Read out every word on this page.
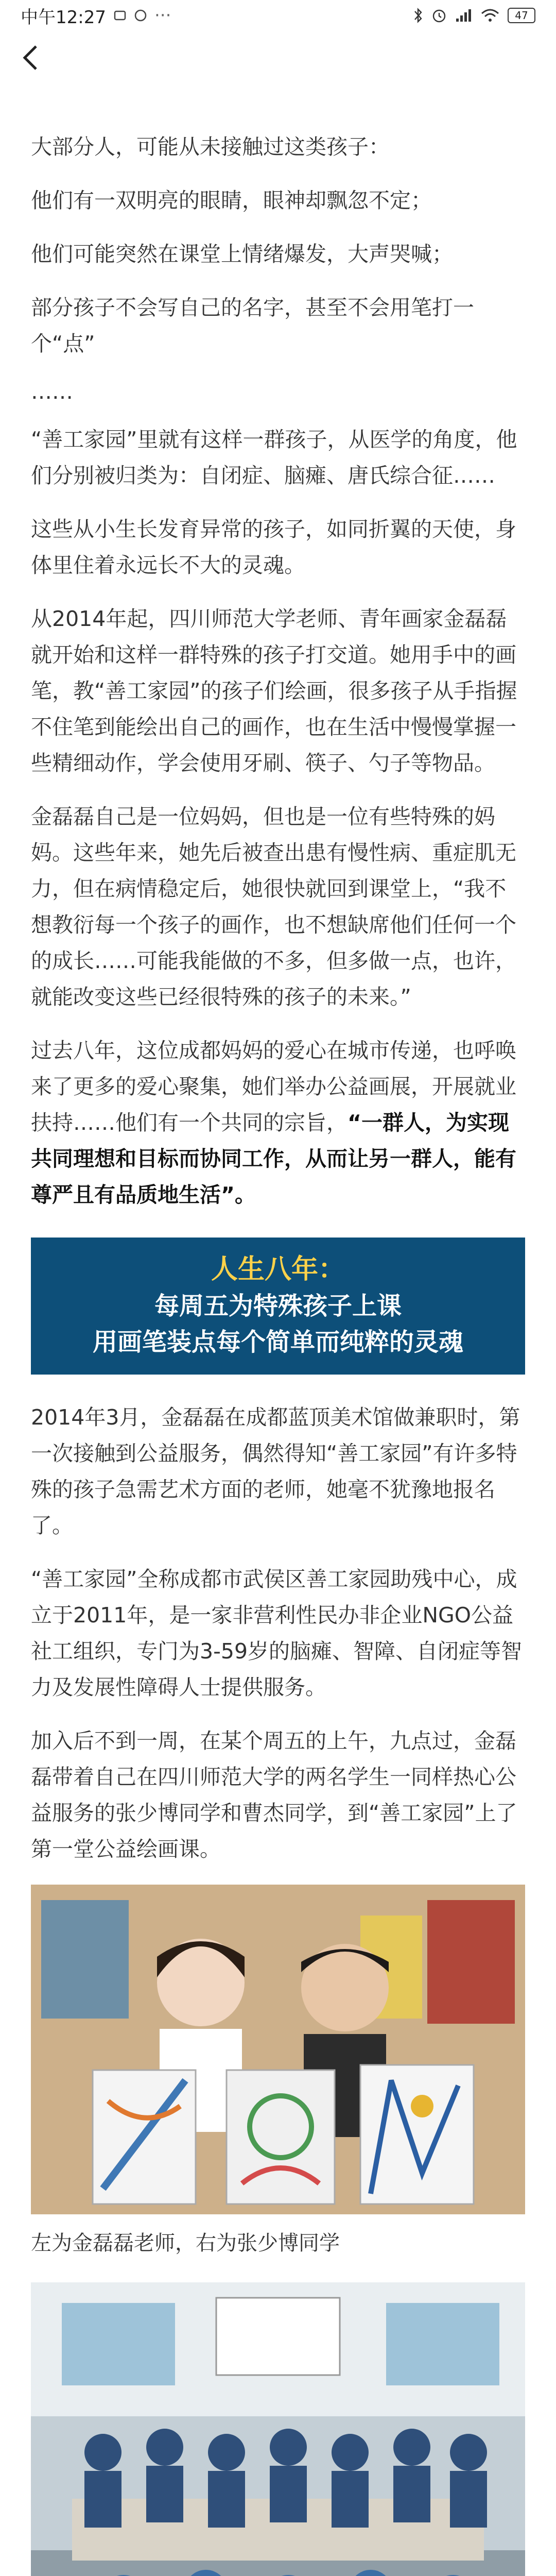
中午12:27	···	47

大部分人，可能从未接触过这类孩子：

他们有一双明亮的眼睛，眼神却飘忽不定；

他们可能突然在课堂上情绪爆发，大声哭喊；

部分孩子不会写自己的名字，甚至不会用笔打一个“点”

……

“善工家园”里就有这样一群孩子，从医学的角度，他们分别被归类为：自闭症、脑瘫、唐氏综合征……

这些从小生长发育异常的孩子，如同折翼的天使，身体里住着永远长不大的灵魂。

从2014年起，四川师范大学老师、青年画家金磊磊就开始和这样一群特殊的孩子打交道。她用手中的画笔，教“善工家园”的孩子们绘画，很多孩子从手指握不住笔到能绘出自己的画作，也在生活中慢慢掌握一些精细动作，学会使用牙刷、筷子、勺子等物品。

金磊磊自己是一位妈妈，但也是一位有些特殊的妈妈。这些年来，她先后被查出患有慢性病、重症肌无力，但在病情稳定后，她很快就回到课堂上，“我不想教衍每一个孩子的画作，也不想缺席他们任何一个的成长……可能我能做的不多，但多做一点，也许，就能改变这些已经很特殊的孩子的未来。”

过去八年，这位成都妈妈的爱心在城市传递，也呼唤来了更多的爱心聚集，她们举办公益画展，开展就业扶持……他们有一个共同的宗旨，“一群人，为实现共同理想和目标而协同工作，从而让另一群人，能有尊严且有品质地生活”。

人生八年：
每周五为特殊孩子上课
用画笔装点每个简单而纯粹的灵魂

2014年3月，金磊磊在成都蓝顶美术馆做兼职时，第一次接触到公益服务，偶然得知“善工家园”有许多特殊的孩子急需艺术方面的老师，她毫不犹豫地报名了。

“善工家园”全称成都市武侯区善工家园助残中心，成立于2011年，是一家非营利性民办非企业NGO公益社工组织，专门为3-59岁的脑瘫、智障、自闭症等智力及发展性障碍人士提供服务。

加入后不到一周，在某个周五的上午，九点过，金磊磊带着自己在四川师范大学的两名学生一同样热心公益服务的张少博同学和曹杰同学，到“善工家园”上了第一堂公益绘画课。

左为金磊磊老师，右为张少博同学
